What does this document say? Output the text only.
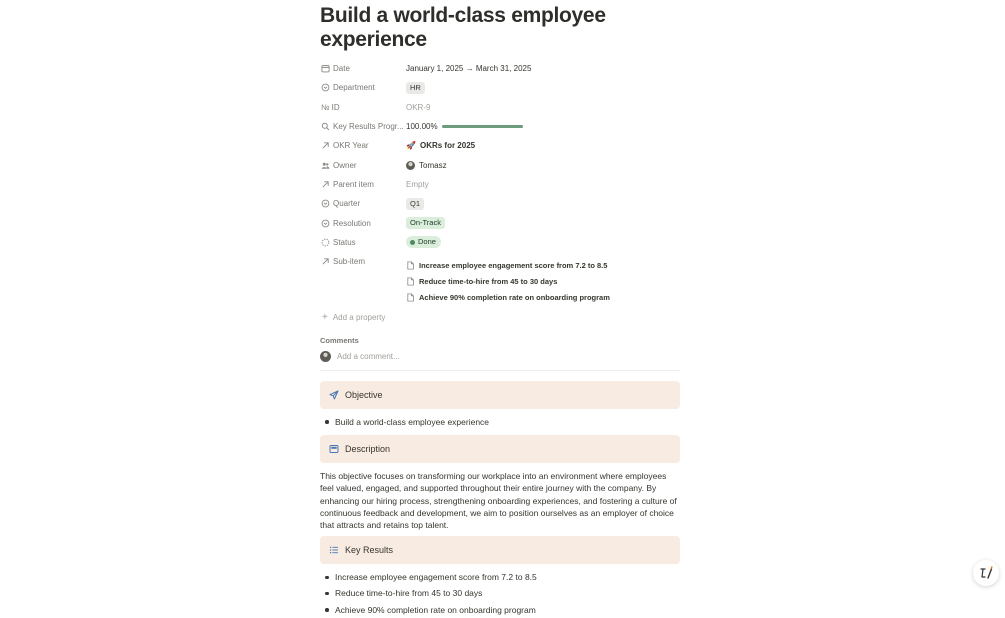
Build a world-class employee experience
Date	January 1, 2025 → March 31, 2025
Department	HR
№ ID	OKR-9
Key Results Progr... 100.00%
OKR Year	🚀 OKRs for 2025
Owner	Tomasz
Parent item	Empty
Quarter	Q1
Resolution	On-Track
Status	Done
Sub-item	Increase employee engagement score from 7.2 to 8.5
Reduce time-to-hire from 45 to 30 days
Achieve 90% completion rate on onboarding program
+ Add a property
Comments
Add a comment...
Objective
Build a world-class employee experience
Description

This objective focuses on transforming our workplace into an environment where employees feel valued, engaged, and supported throughout their entire journey with the company. By enhancing our hiring process, strengthening onboarding experiences, and fostering a culture of continuous feedback and development, we aim to position ourselves as an employer of choice that attracts and retains top talent.

Key Results
Increase employee engagement score from 7.2 to 8.5
Reduce time-to-hire from 45 to 30 days
Achieve 90% completion rate on onboarding program
